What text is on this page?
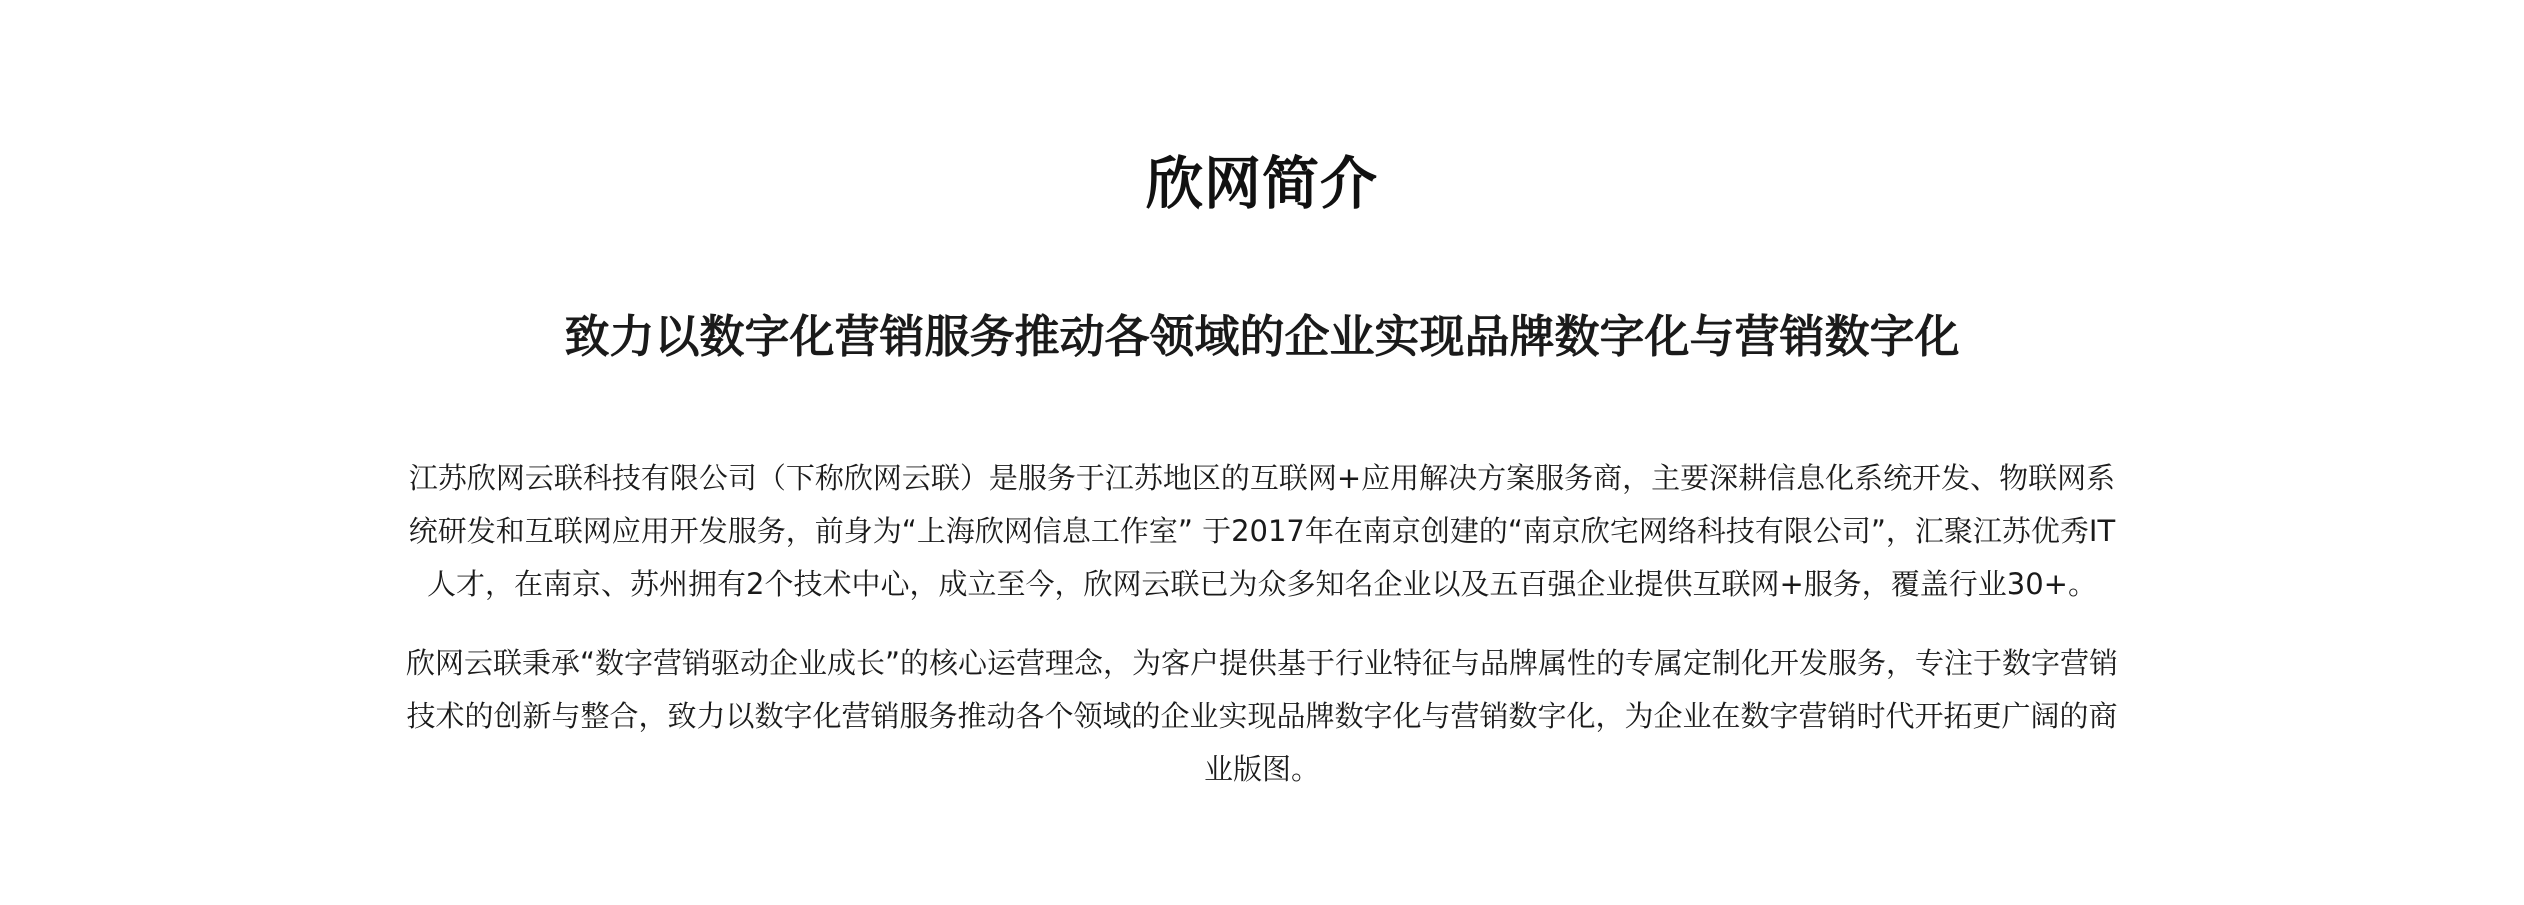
欣网简介
致力以数字化营销服务推动各领域的企业实现品牌数字化与营销数字化

江苏欣网云联科技有限公司（下称欣网云联）是服务于江苏地区的互联网+应用解决方案服务商，主要深耕信息化系统开发、物联网系统研发和互联网应用开发服务，前身为“上海欣网信息工作室” 于2017年在南京创建的“南京欣宅网络科技有限公司”，汇聚江苏优秀IT人才，在南京、苏州拥有2个技术中心，成立至今，欣网云联已为众多知名企业以及五百强企业提供互联网+服务，覆盖行业30+。

欣网云联秉承“数字营销驱动企业成长”的核心运营理念，为客户提供基于行业特征与品牌属性的专属定制化开发服务，专注于数字营销技术的创新与整合，致力以数字化营销服务推动各个领域的企业实现品牌数字化与营销数字化，为企业在数字营销时代开拓更广阔的商业版图。
